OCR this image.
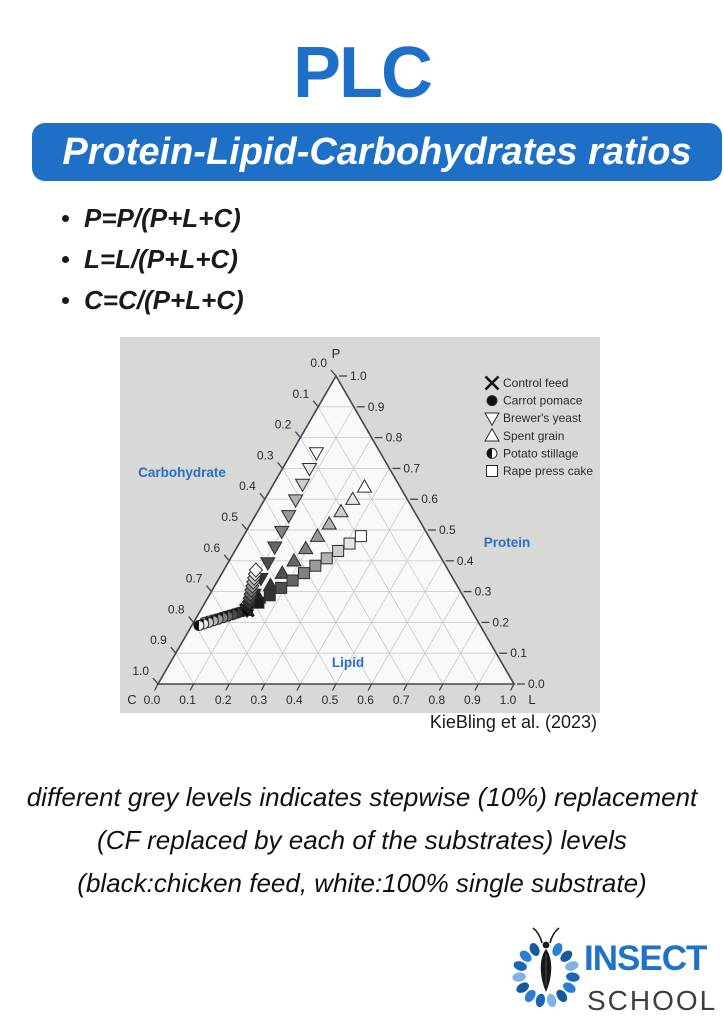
PLC
Protein-Lipid-Carbohydrates ratios
P=P/(P+L+C)
L=L/(P+L+C)
C=C/(P+L+C)
0.0
0.0
0.0
0.1
0.1
0.1
0.2
0.2
0.2
0.3
0.3
0.3
0.4
0.4
0.4
0.5
0.5
0.5
0.6
0.6
0.6
0.7
0.7
0.7
0.8
0.8
0.8
0.9
0.9
0.9
1.0
1.0
1.0
P
C	L
Carbohydrate
Protein
Lipid
Control feed
Carrot pomace
Brewer's yeast
Spent grain
Potato stillage
Rape press cake
KieBling et al. (2023)
different grey levels indicates stepwise (10%) replacement
(CF replaced by each of the substrates) levels
(black:chicken feed, white:100% single substrate)
INSECT
SCHOOL
